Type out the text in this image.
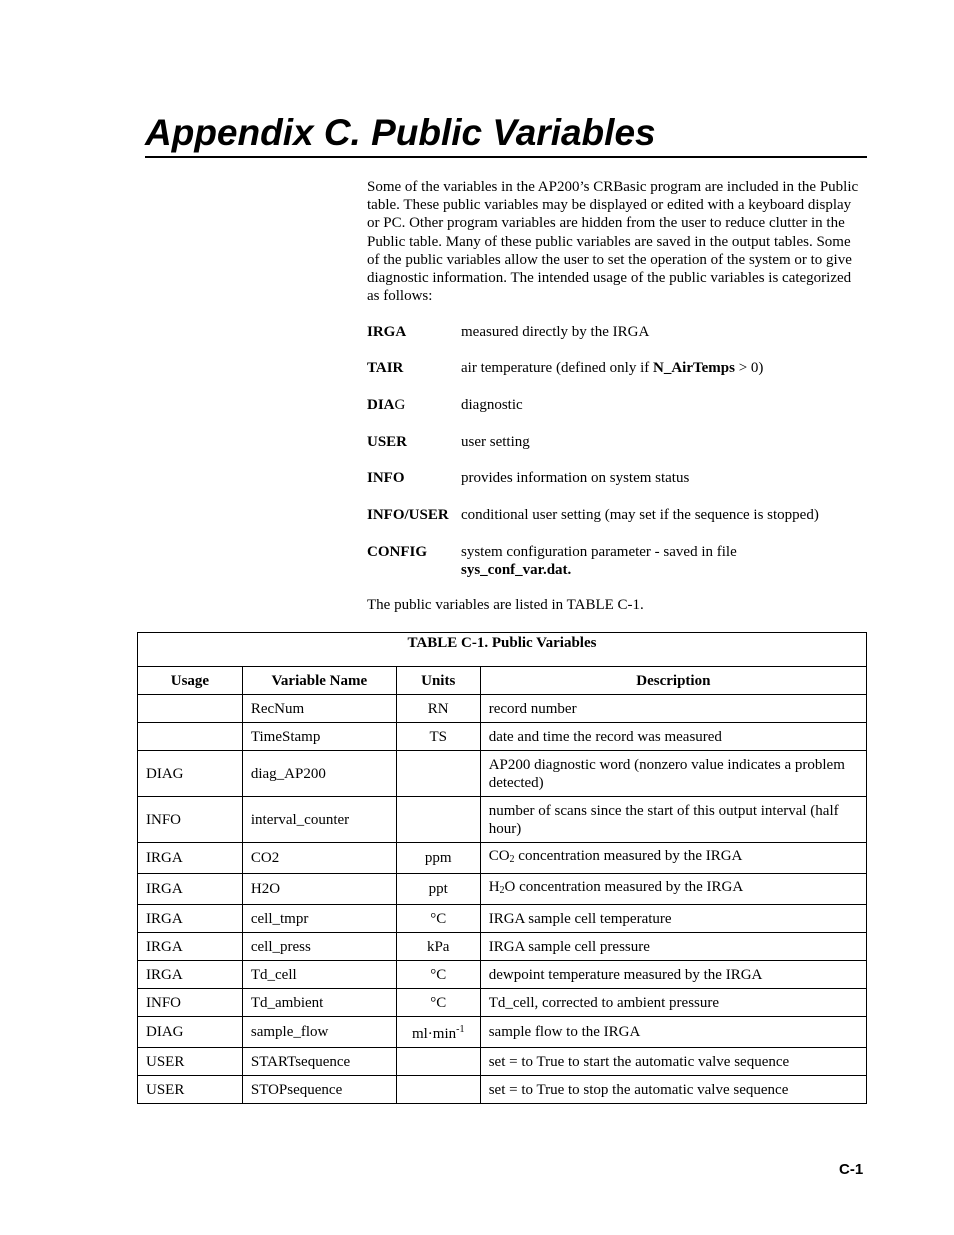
Appendix C. Public Variables

Some of the variables in the AP200’s CRBasic program are included in the Public table. These public variables may be displayed or edited with a keyboard display or PC. Other program variables are hidden from the user to reduce clutter in the Public table. Many of these public variables are saved in the output tables. Some of the public variables allow the user to set the operation of the system or to give diagnostic information. The intended usage of the public variables is categorized as follows:

IRGA	measured directly by the IRGA
TAIR	air temperature (defined only if N_AirTemps > 0)
DIAG	diagnostic
USER	user setting
INFO	provides information on system status
INFO/USER conditional user setting (may set if the sequence is stopped)
CONFIG system configuration parameter - saved in file
sys_conf_var.dat.

The public variables are listed in TABLE C-1.

TABLE C-1. Public Variables			
Usage	Variable Name	Units	Description
	RecNum	RN	record number
	TimeStamp	TS	date and time the record was measured
DIAG	diag_AP200		AP200 diagnostic word (nonzero value indicates a problem detected)
INFO	interval_counter		number of scans since the start of this output interval (half hour)
IRGA	CO2	ppm	$CO_2$ concentration measured by the IRGA
IRGA	H2O	ppt	$H_2O$ concentration measured by the IRGA
IRGA	cell_tmpr	°C	IRGA sample cell temperature
IRGA	cell_press	kPa	IRGA sample cell pressure
IRGA	Td_cell	°C	dewpoint temperature measured by the IRGA
INFO	Td_ambient	°C	Td_cell, corrected to ambient pressure
DIAG	sample_flow	$ml\cdot\min^{-1}$	sample flow to the IRGA
USER	STARTsequence		set = to True to start the automatic valve sequence
USER	STOPsequence		set = to True to stop the automatic valve sequence
C-1
